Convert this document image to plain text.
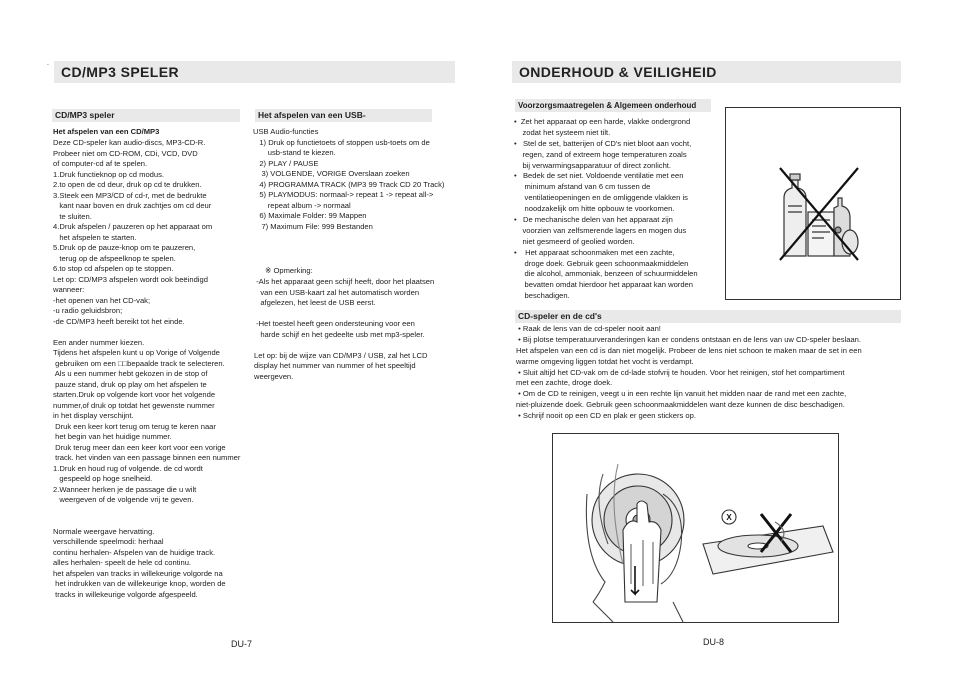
.
CD/MP3 SPELER
CD/MP3 speler
Het afspelen van een CD/MP3
Deze CD-speler kan audio-discs, MP3-CD-R.
Probeer niet om CD-ROM, CDi, VCD, DVD
of computer-cd af te spelen.
1.Druk functieknop op cd modus.
2.to open de cd deur, druk op cd te drukken.
3.Steek een MP3/CD of cd-r, met de bedrukte
kant naar boven en druk zachtjes om cd deur
te sluiten.
4.Druk afspelen / pauzeren op het apparaat om
het afspelen te starten.
5.Druk op de pauze-knop om te pauzeren,
terug op de afspeelknop te spelen.
6.to stop cd afspelen op te stoppen.
Let op: CD/MP3 afspelen wordt ook beëindigd
wanneer:
-het openen van het CD-vak;
-u radio geluidsbron;
-de CD/MP3 heeft bereikt tot het einde.
Een ander nummer kiezen.
Tijdens het afspelen kunt u op Vorige of Volgende
gebruiken om een □□bepaalde track te selecteren.
Als u een nummer hebt gekozen in de stop of
pauze stand, druk op play om het afspelen te
starten.Druk op volgende kort voor het volgende
nummer,of druk op totdat het gewenste nummer
in het display verschijnt.
Druk een keer kort terug om terug te keren naar
het begin van het huidige nummer.
Druk terug meer dan een keer kort voor een vorige
track. het vinden van een passage binnen een nummer
1.Druk en houd rug of volgende. de cd wordt
gespeeld op hoge snelheid.
2.Wanneer herken je de passage die u wilt
weergeven of de volgende vrij te geven.
Normale weergave hervatting.
verschillende speelmodi: herhaal
continu herhalen- Afspelen van de huidige track.
alles herhalen- speelt de hele cd continu.
het afspelen van tracks in willekeurige volgorde na
het indrukken van de willekeurige knop, worden de
tracks in willekeurige volgorde afgespeeld.
Het afspelen van een USB-
USB Audio-functies
1) Druk op functietoets of stoppen usb-toets om de
usb-stand te kiezen.
2) PLAY / PAUSE
3) VOLGENDE, VORIGE Overslaan zoeken
4) PROGRAMMA TRACK (MP3 99 Track CD 20 Track)
5) PLAYMODUS: normaal-> repeat 1 -> repeat all->
repeat album -> normaal
6) Maximale Folder: 99 Mappen
7) Maximum File: 999 Bestanden
※ Opmerking:
-Als het apparaat geen schijf heeft, door het plaatsen
van een USB-kaart zal het automatisch worden
afgelezen, het leest de USB eerst.
-Het toestel heeft geen ondersteuning voor een
harde schijf en het gedeelte usb met mp3-speler.
Let op: bij de wijze van CD/MP3 / USB, zal het LCD
display het nummer van nummer of het speeltijd
weergeven.
DU-7
ONDERHOUD & VEILIGHEID
Voorzorgsmaatregelen & Algemeen onderhoud
•  Zet het apparaat op een harde, vlakke ondergrond
zodat het systeem niet tilt.
•   Stel de set, batterijen of CD's niet bloot aan vocht,
regen, zand of extreem hoge temperaturen zoals
bij verwarmingsapparatuur of direct zonlicht.
•   Bedek de set niet. Voldoende ventilatie met een
minimum afstand van 6 cm tussen de
ventilatieopeningen en de omliggende vlakken is
noodzakelijk om hitte opbouw te voorkomen.
•   De mechanische delen van het apparaat zijn
voorzien van zelfsmerende lagers en mogen dus
niet gesmeerd of geolied worden.
•    Het apparaat schoonmaken met een zachte,
droge doek. Gebruik geen schoonmaakmiddelen
die alcohol, ammoniak, benzeen of schuurmiddelen
bevatten omdat hierdoor het apparaat kan worden
beschadigen.
CD-speler en de cd's
• Raak de lens van de cd-speler nooit aan!
• Bij plotse temperatuurveranderingen kan er condens ontstaan en de lens van uw CD-speler beslaan.
Het afspelen van een cd is dan niet mogelijk. Probeer de lens niet schoon te maken maar de set in een
warme omgeving liggen totdat het vocht is verdampt.
• Sluit altijd het CD-vak om de cd-lade stofvrij te houden. Voor het reinigen, stof het compartiment
met een zachte, droge doek.
• Om de CD te reinigen, veegt u in een rechte lijn vanuit het midden naar de rand met een zachte,
niet-pluizende doek. Gebruik geen schoonmaakmiddelen want deze kunnen de disc beschadigen.
• Schrijf nooit op een CD en plak er geen stickers op.
X
DU-8
